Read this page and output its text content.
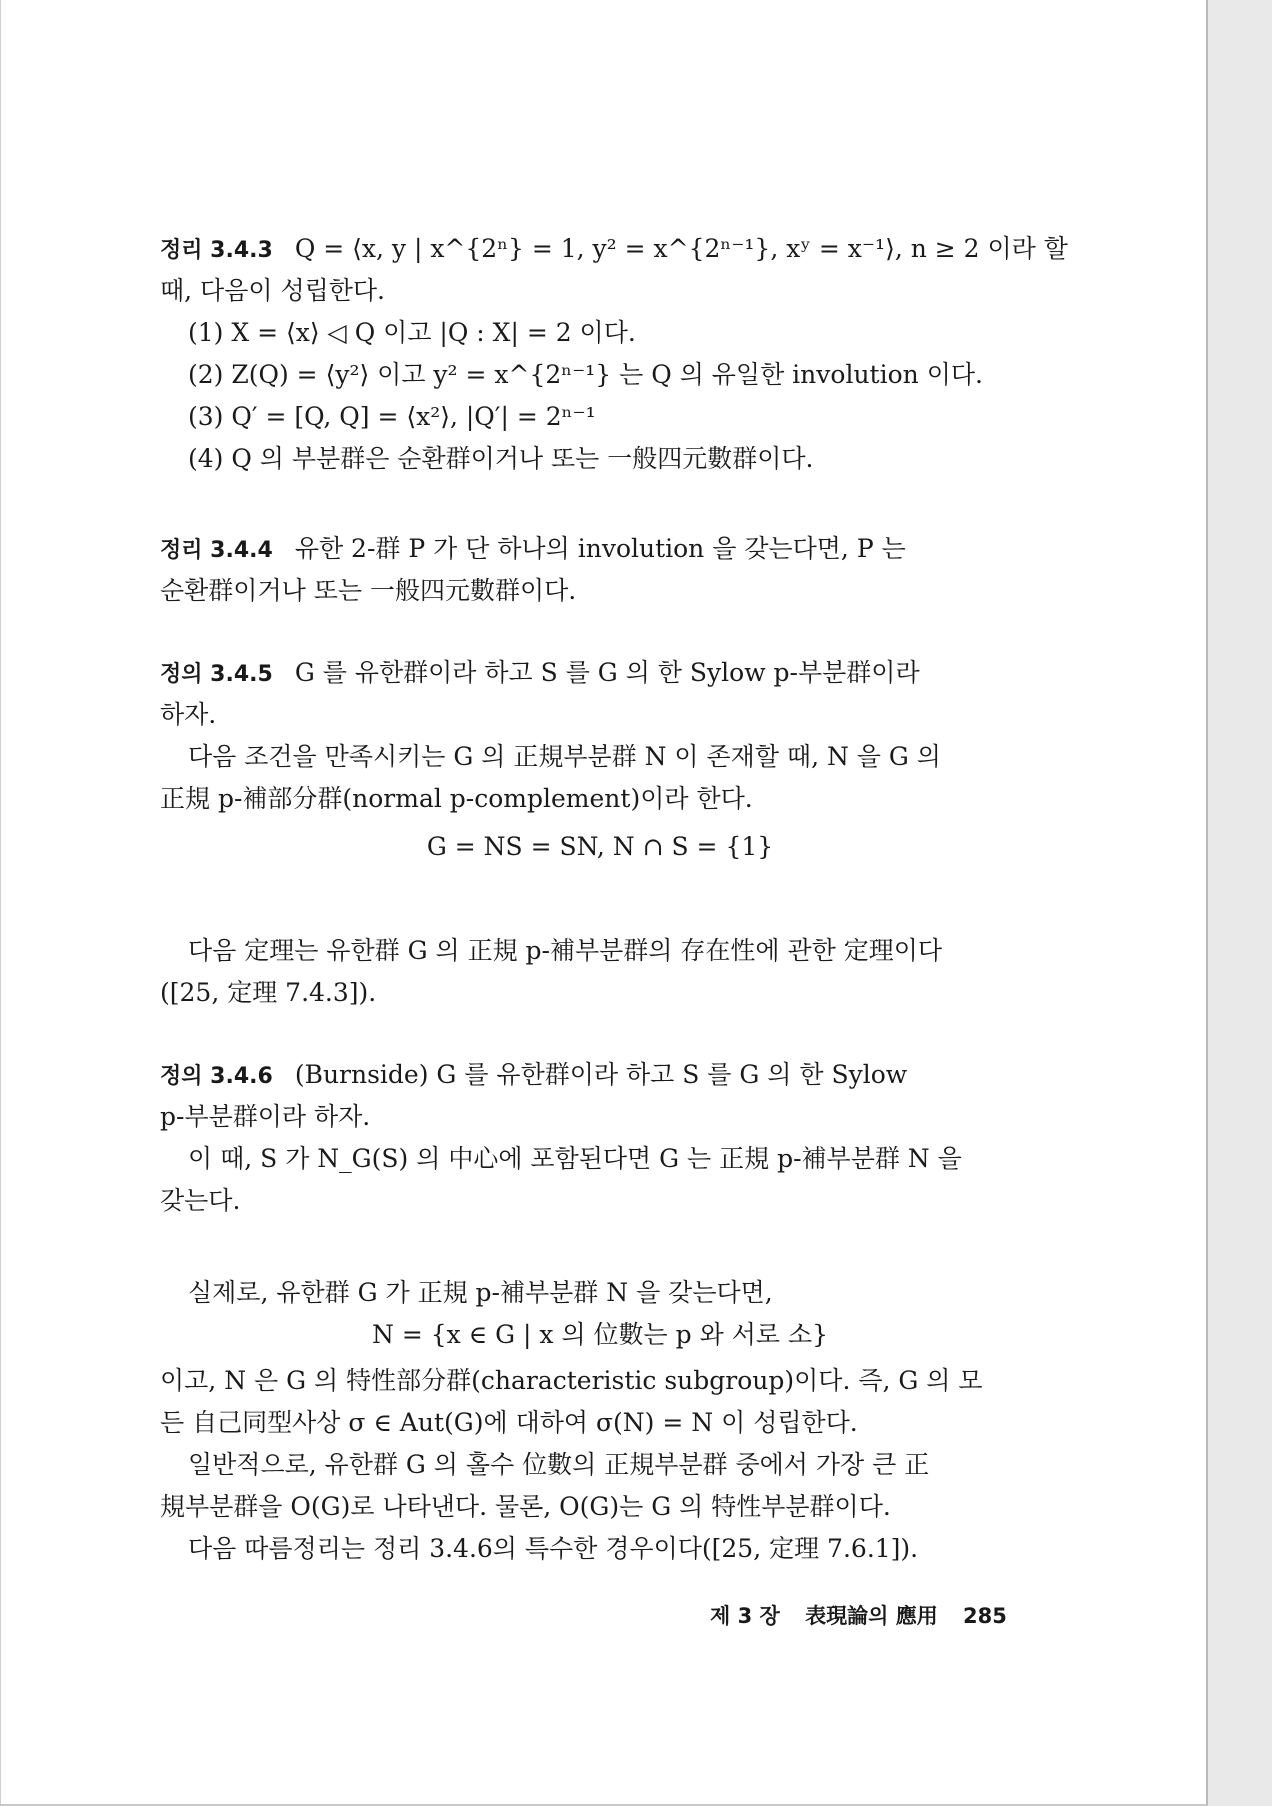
정리 3.4.3 Q = ⟨x, y | x^{2ⁿ} = 1, y² = x^{2ⁿ⁻¹}, xʸ = x⁻¹⟩, n ≥ 2 이라 할
때, 다음이 성립한다.
(1) X = ⟨x⟩ ◁ Q 이고 |Q : X| = 2 이다.
(2) Z(Q) = ⟨y²⟩ 이고 y² = x^{2ⁿ⁻¹} 는 Q 의 유일한 involution 이다.
(3) Q′ = [Q, Q] = ⟨x²⟩, |Q′| = 2ⁿ⁻¹
(4) Q 의 부분群은 순환群이거나 또는 一般四元數群이다.
정리 3.4.4 유한 2-群 P 가 단 하나의 involution 을 갖는다면, P 는
순환群이거나 또는 一般四元數群이다.
정의 3.4.5 G 를 유한群이라 하고 S 를 G 의 한 Sylow p-부분群이라
하자.
다음 조건을 만족시키는 G 의 正規부분群 N 이 존재할 때, N 을 G 의
正規 p-補部分群(normal p-complement)이라 한다.
G = NS = SN, N ∩ S = {1}
다음 定理는 유한群 G 의 正規 p-補부분群의 存在性에 관한 定理이다
([25, 定理 7.4.3]).
정의 3.4.6 (Burnside) G 를 유한群이라 하고 S 를 G 의 한 Sylow
p-부분群이라 하자.
이 때, S 가 N_G(S) 의 中心에 포함된다면 G 는 正規 p-補부분群 N 을
갖는다.
실제로, 유한群 G 가 正規 p-補부분群 N 을 갖는다면,
N = {x ∈ G | x 의 位數는 p 와 서로 소}
이고, N 은 G 의 特性部分群(characteristic subgroup)이다. 즉, G 의 모
든 自己同型사상 σ ∈ Aut(G)에 대하여 σ(N) = N 이 성립한다.
일반적으로, 유한群 G 의 홀수 位數의 正規부분群 중에서 가장 큰 正
規부분群을 O(G)로 나타낸다. 물론, O(G)는 G 의 特性부분群이다.
다음 따름정리는 정리 3.4.6의 특수한 경우이다([25, 定理 7.6.1]).
제 3 장 表現論의 應用 285
